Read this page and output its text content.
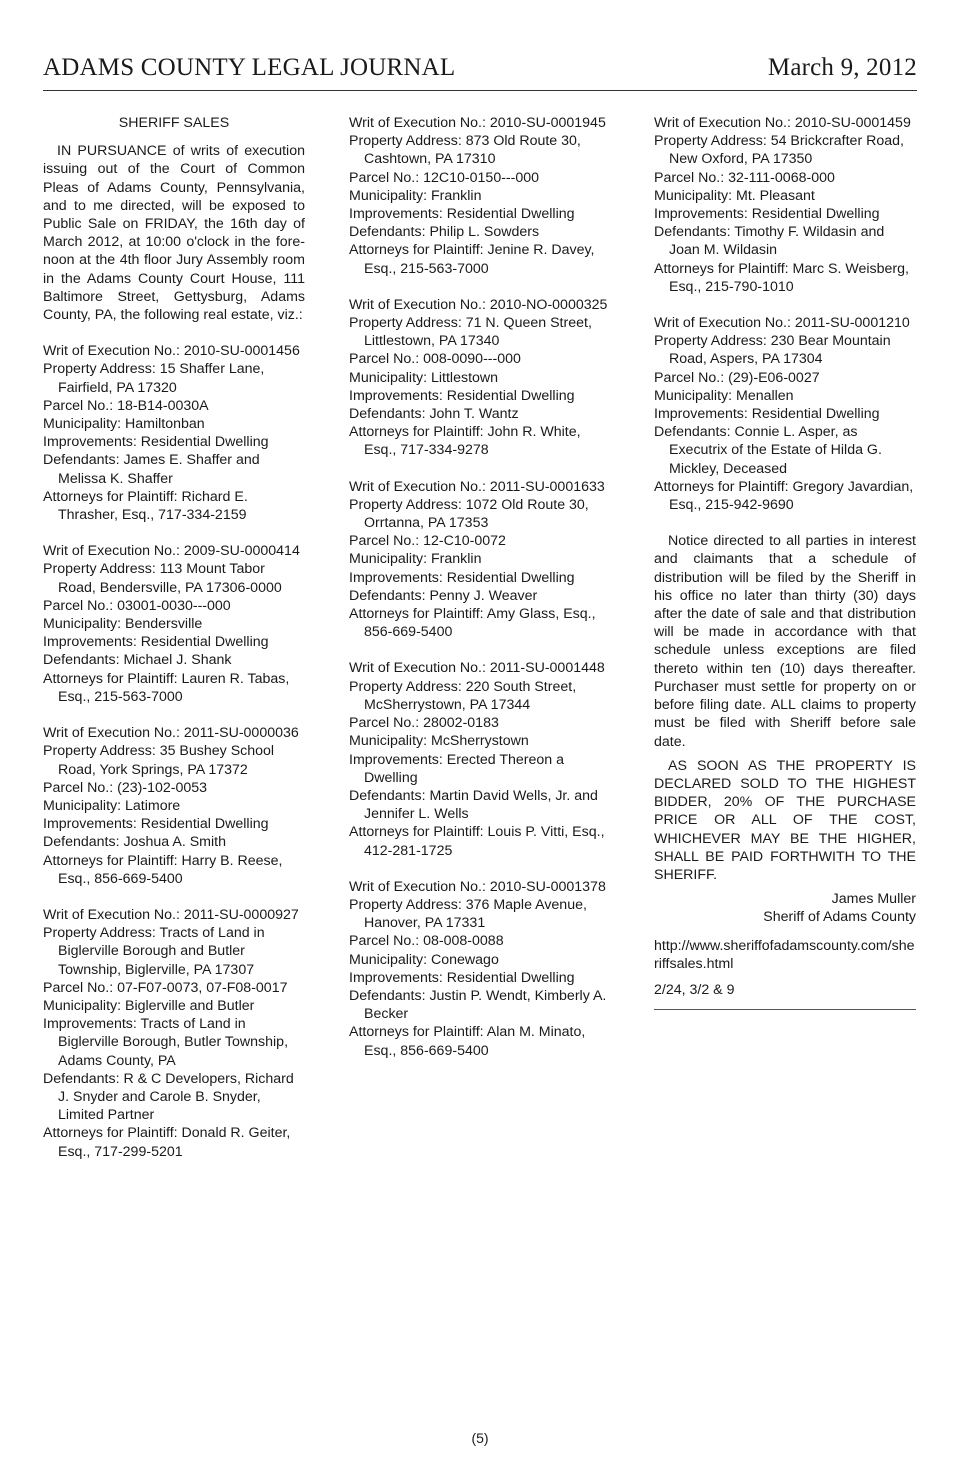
ADAMS COUNTY LEGAL JOURNAL	March 9, 2012
SHERIFF SALES
IN PURSUANCE of writs of execution issuing out of the Court of Common Pleas of Adams County, Pennsylvania, and to me directed, will be exposed to Public Sale on FRIDAY, the 16th day of March 2012, at 10:00 o'clock in the fore-noon at the 4th floor Jury Assembly room in the Adams County Court House, 111 Baltimore Street, Gettysburg, Adams County, PA, the following real estate, viz.:
Writ of Execution No.: 2010-SU-0001456
Property Address: 15 Shaffer Lane, Fairfield, PA 17320
Parcel No.: 18-B14-0030A
Municipality: Hamiltonban
Improvements: Residential Dwelling
Defendants: James E. Shaffer and Melissa K. Shaffer
Attorneys for Plaintiff: Richard E. Thrasher, Esq., 717-334-2159
Writ of Execution No.: 2009-SU-0000414
Property Address: 113 Mount Tabor Road, Bendersville, PA 17306-0000
Parcel No.: 03001-0030---000
Municipality: Bendersville
Improvements: Residential Dwelling
Defendants: Michael J. Shank
Attorneys for Plaintiff: Lauren R. Tabas, Esq., 215-563-7000
Writ of Execution No.: 2011-SU-0000036
Property Address: 35 Bushey School Road, York Springs, PA 17372
Parcel No.: (23)-102-0053
Municipality: Latimore
Improvements: Residential Dwelling
Defendants: Joshua A. Smith
Attorneys for Plaintiff: Harry B. Reese, Esq., 856-669-5400
Writ of Execution No.: 2011-SU-0000927
Property Address: Tracts of Land in Biglerville Borough and Butler Township, Biglerville, PA 17307
Parcel No.: 07-F07-0073, 07-F08-0017
Municipality: Biglerville and Butler
Improvements: Tracts of Land in Biglerville Borough, Butler Township, Adams County, PA
Defendants: R & C Developers, Richard J. Snyder and Carole B. Snyder, Limited Partner
Attorneys for Plaintiff: Donald R. Geiter, Esq., 717-299-5201
Writ of Execution No.: 2010-SU-0001945
Property Address: 873 Old Route 30, Cashtown, PA 17310
Parcel No.: 12C10-0150---000
Municipality: Franklin
Improvements: Residential Dwelling
Defendants: Philip L. Sowders
Attorneys for Plaintiff: Jenine R. Davey, Esq., 215-563-7000
Writ of Execution No.: 2010-NO-0000325
Property Address: 71 N. Queen Street, Littlestown, PA 17340
Parcel No.: 008-0090---000
Municipality: Littlestown
Improvements: Residential Dwelling
Defendants: John T. Wantz
Attorneys for Plaintiff: John R. White, Esq., 717-334-9278
Writ of Execution No.: 2011-SU-0001633
Property Address: 1072 Old Route 30, Orrtanna, PA 17353
Parcel No.: 12-C10-0072
Municipality: Franklin
Improvements: Residential Dwelling
Defendants: Penny J. Weaver
Attorneys for Plaintiff: Amy Glass, Esq., 856-669-5400
Writ of Execution No.: 2011-SU-0001448
Property Address: 220 South Street, McSherrystown, PA 17344
Parcel No.: 28002-0183
Municipality: McSherrystown
Improvements: Erected Thereon a Dwelling
Defendants: Martin David Wells, Jr. and Jennifer L. Wells
Attorneys for Plaintiff: Louis P. Vitti, Esq., 412-281-1725
Writ of Execution No.: 2010-SU-0001378
Property Address: 376 Maple Avenue, Hanover, PA 17331
Parcel No.: 08-008-0088
Municipality: Conewago
Improvements: Residential Dwelling
Defendants: Justin P. Wendt, Kimberly A. Becker
Attorneys for Plaintiff: Alan M. Minato, Esq., 856-669-5400
Writ of Execution No.: 2010-SU-0001459
Property Address: 54 Brickcrafter Road, New Oxford, PA 17350
Parcel No.: 32-111-0068-000
Municipality: Mt. Pleasant
Improvements: Residential Dwelling
Defendants: Timothy F. Wildasin and Joan M. Wildasin
Attorneys for Plaintiff: Marc S. Weisberg, Esq., 215-790-1010
Writ of Execution No.: 2011-SU-0001210
Property Address: 230 Bear Mountain Road, Aspers, PA 17304
Parcel No.: (29)-E06-0027
Municipality: Menallen
Improvements: Residential Dwelling
Defendants: Connie L. Asper, as Executrix of the Estate of Hilda G. Mickley, Deceased
Attorneys for Plaintiff: Gregory Javardian, Esq., 215-942-9690
Notice directed to all parties in interest and claimants that a schedule of distribution will be filed by the Sheriff in his office no later than thirty (30) days after the date of sale and that distribution will be made in accordance with that schedule unless exceptions are filed thereto within ten (10) days thereafter. Purchaser must settle for property on or before filing date. ALL claims to property must be filed with Sheriff before sale date.
AS SOON AS THE PROPERTY IS DECLARED SOLD TO THE HIGHEST BIDDER, 20% OF THE PURCHASE PRICE OR ALL OF THE COST, WHICHEVER MAY BE THE HIGHER, SHALL BE PAID FORTHWITH TO THE SHERIFF.
James Muller
Sheriff of Adams County
http://www.sheriffofadamscounty.com/sheriffsales.html
2/24, 3/2 & 9
(5)
